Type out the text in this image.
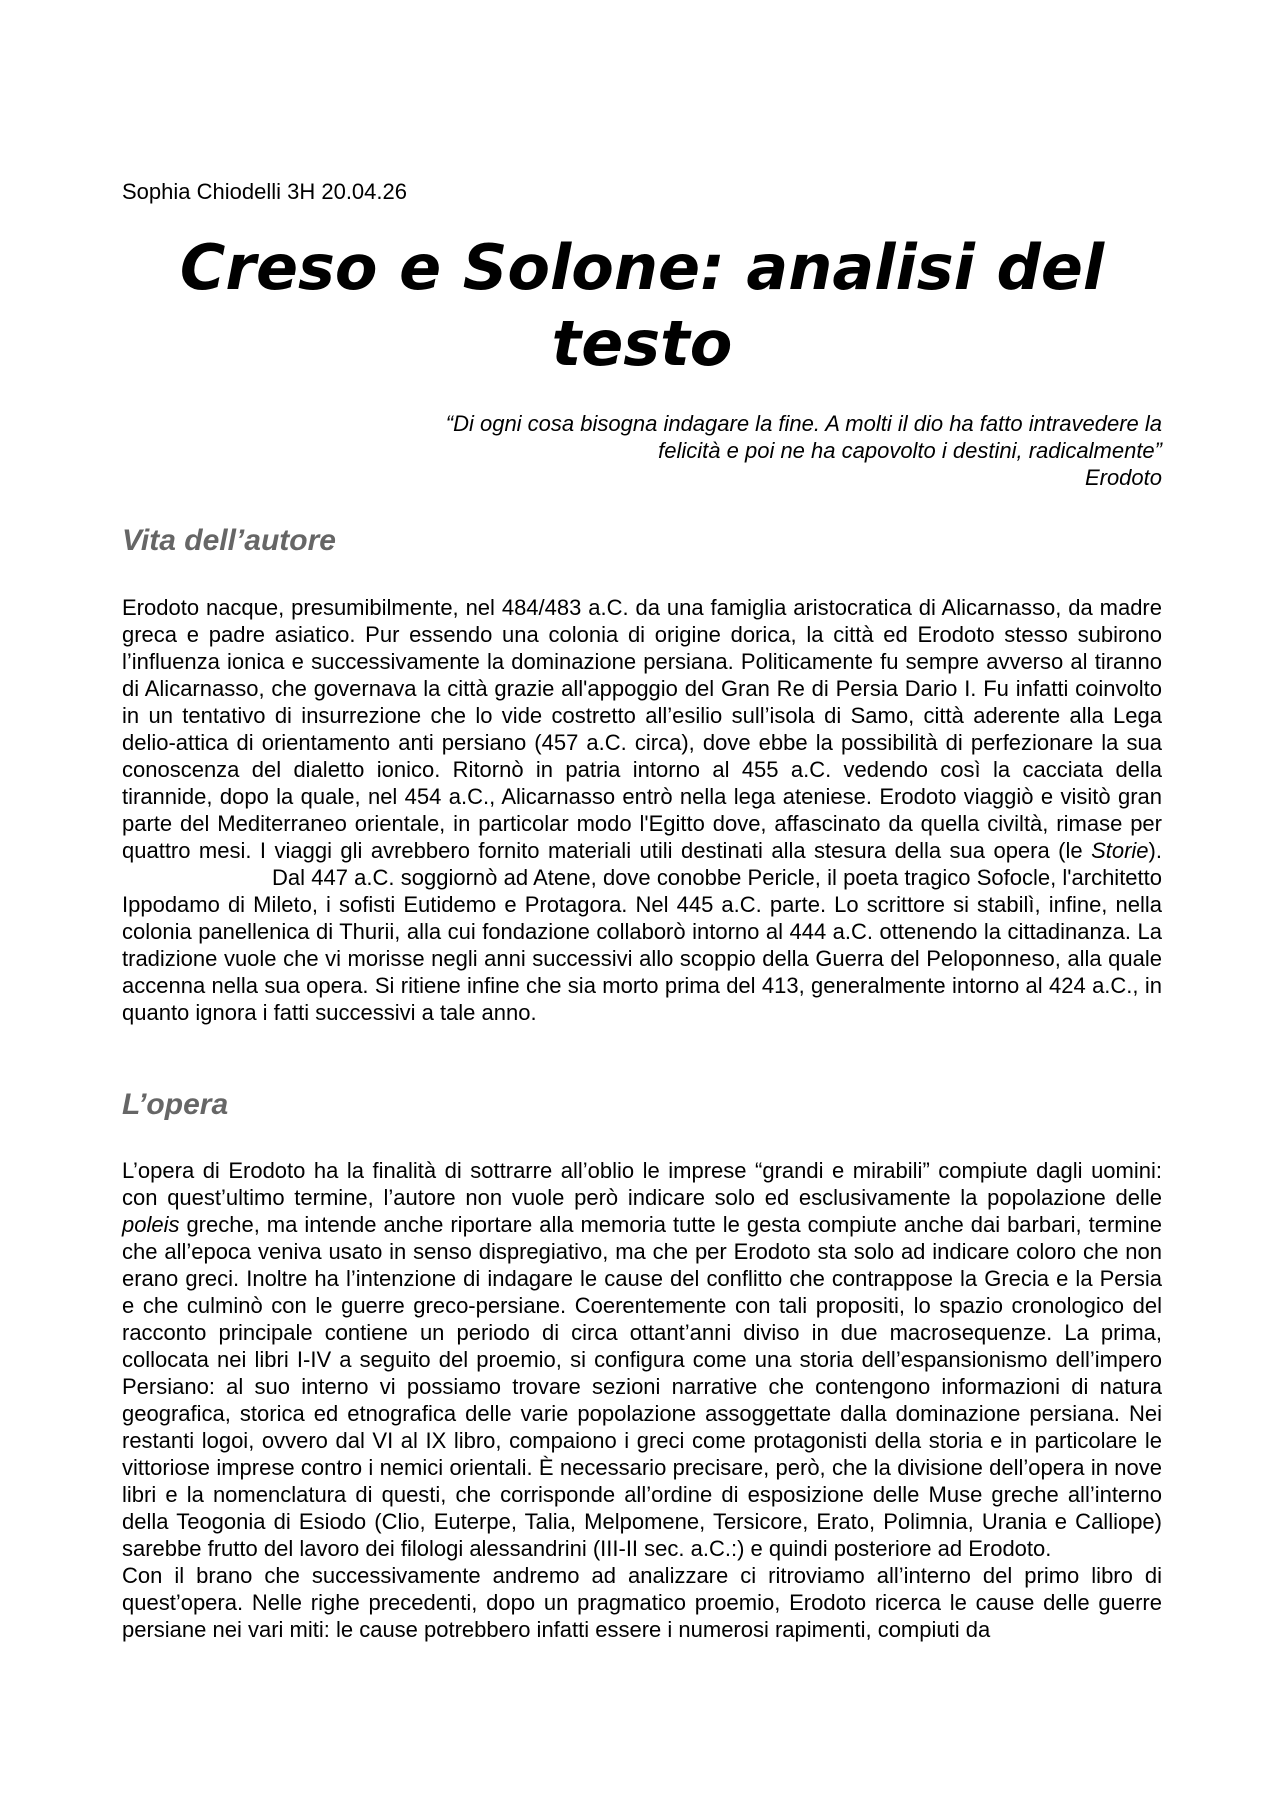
Sophia Chiodelli 3H 20.04.26
Creso e Solone: analisi del
testo

“Di ogni cosa bisogna indagare la fine. A molti il dio ha fatto intravedere la

felicità e poi ne ha capovolto i destini, radicalmente”

Erodoto

Vita dell’autore

Erodoto nacque, presumibilmente, nel 484/483 a.C. da una famiglia aristocratica di Alicarnasso, da madre greca e padre asiatico. Pur essendo una colonia di origine dorica, la città ed Erodoto stesso subirono l’influenza ionica e successivamente la dominazione persiana. Politicamente fu sempre avverso al tiranno di Alicarnasso, che governava la città grazie all'appoggio del Gran Re di Persia Dario I. Fu infatti coinvolto in un tentativo di insurrezione che lo vide costretto all’esilio sull’isola di Samo, città aderente alla Lega delio-attica di orientamento anti persiano (457 a.C. circa), dove ebbe la possibilità di perfezionare la sua conoscenza del dialetto ionico. Ritornò in patria intorno al 455 a.C. vedendo così la cacciata della tirannide, dopo la quale, nel 454 a.C., Alicarnasso entrò nella lega ateniese. Erodoto viaggiò e visitò gran parte del Mediterraneo orientale, in particolar modo l'Egitto dove, affascinato da quella civiltà, rimase per quattro mesi. I viaggi gli avrebbero fornito materiali utili destinati alla stesura della sua opera (le Storie).Dal 447 a.C. soggiornò ad Atene, dove conobbe Pericle, il poeta tragico Sofocle, l'architetto Ippodamo di Mileto, i sofisti Eutidemo e Protagora. Nel 445 a.C. parte. Lo scrittore si stabilì, infine, nella colonia panellenica di Thurii, alla cui fondazione collaborò intorno al 444 a.C. ottenendo la cittadinanza. La tradizione vuole che vi morisse negli anni successivi allo scoppio della Guerra del Peloponneso, alla quale accenna nella sua opera. Si ritiene infine che sia morto prima del 413, generalmente intorno al 424 a.C., in quanto ignora i fatti successivi a tale anno.

L’opera

L’opera di Erodoto ha la finalità di sottrarre all’oblio le imprese “grandi e mirabili” compiute dagli uomini: con quest’ultimo termine, l’autore non vuole però indicare solo ed esclusivamente la popolazione delle poleis greche, ma intende anche riportare alla memoria tutte le gesta compiute anche dai barbari, termine che all’epoca veniva usato in senso dispregiativo, ma che per Erodoto sta solo ad indicare coloro che non erano greci. Inoltre ha l’intenzione di indagare le cause del conflitto che contrappose la Grecia e la Persia e che culminò con le guerre greco-persiane. Coerentemente con tali propositi, lo spazio cronologico del racconto principale contiene un periodo di circa ottant’anni diviso in due macrosequenze. La prima, collocata nei libri I-IV a seguito del proemio, si configura come una storia dell’espansionismo dell’impero Persiano: al suo interno vi possiamo trovare sezioni narrative che contengono informazioni di natura geografica, storica ed etnografica delle varie popolazione assoggettate dalla dominazione persiana. Nei restanti logoi, ovvero dal VI al IX libro, compaiono i greci come protagonisti della storia e in particolare le vittoriose imprese contro i nemici orientali. È necessario precisare, però, che la divisione dell’opera in nove libri e la nomenclatura di questi, che corrisponde all’ordine di esposizione delle Muse greche all’interno della Teogonia di Esiodo (Clio, Euterpe, Talia, Melpomene, Tersicore, Erato, Polimnia, Urania e Calliope) sarebbe frutto del lavoro dei filologi alessandrini (III-II sec. a.C.:) e quindi posteriore ad Erodoto.

Con il brano che successivamente andremo ad analizzare ci ritroviamo all’interno del primo libro di quest’opera. Nelle righe precedenti, dopo un pragmatico proemio, Erodoto ricerca le cause delle guerre persiane nei vari miti: le cause potrebbero infatti essere i numerosi rapimenti, compiuti da
